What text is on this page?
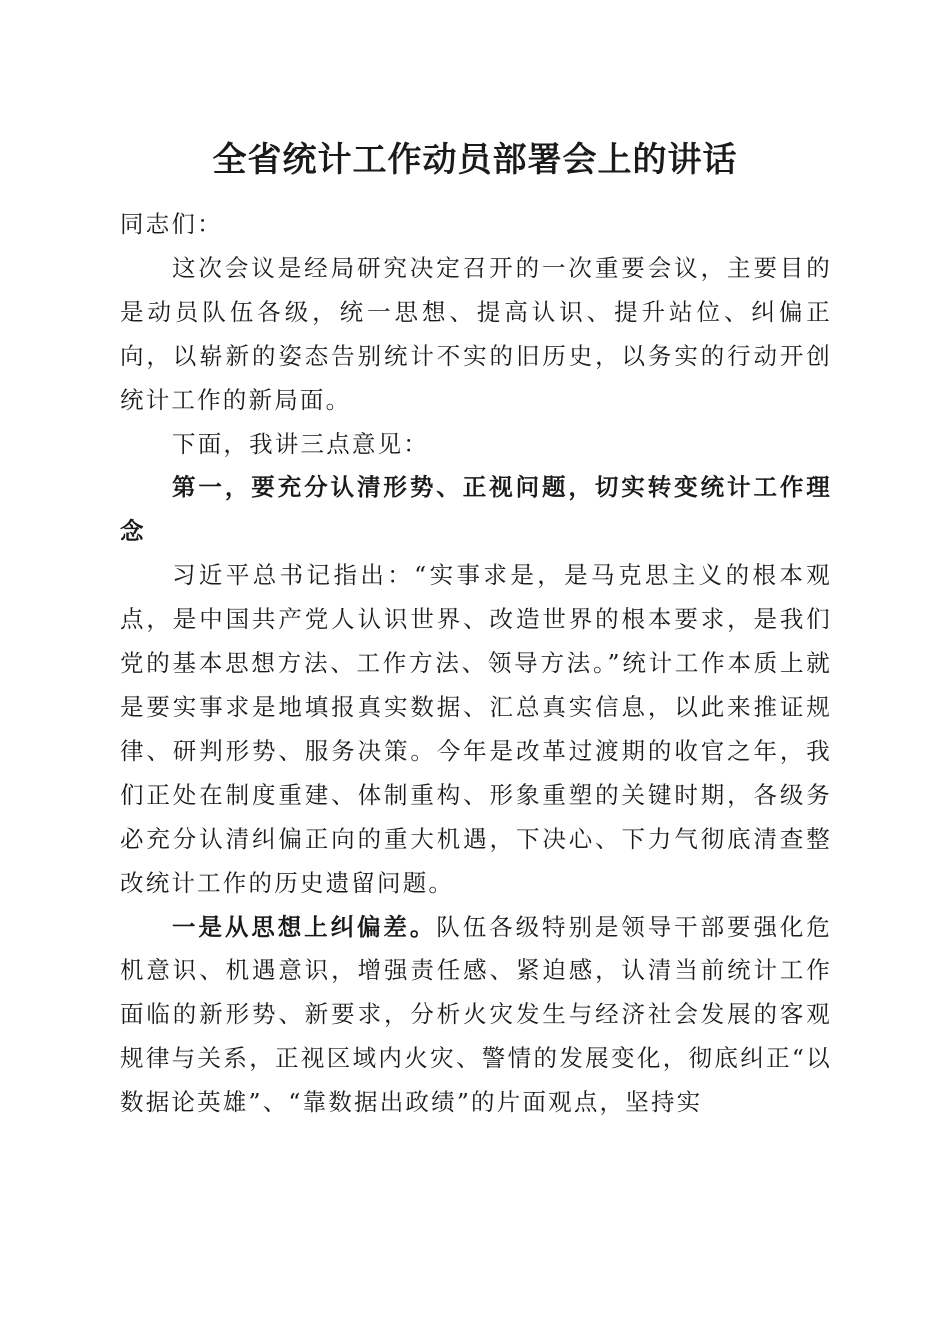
全省统计工作动员部署会上的讲话

同志们：

这次会议是经局研究决定召开的一次重要会议，主要目的是动员队伍各级，统一思想、提高认识、提升站位、纠偏正向，以崭新的姿态告别统计不实的旧历史，以务实的行动开创统计工作的新局面。

下面，我讲三点意见：

第一，要充分认清形势、正视问题，切实转变统计工作理念

习近平总书记指出：“实事求是，是马克思主义的根本观点，是中国共产党人认识世界、改造世界的根本要求，是我们党的基本思想方法、工作方法、领导方法。”统计工作本质上就是要实事求是地填报真实数据、汇总真实信息，以此来推证规律、研判形势、服务决策。今年是改革过渡期的收官之年，我们正处在制度重建、体制重构、形象重塑的关键时期，各级务必充分认清纠偏正向的重大机遇，下决心、下力气彻底清查整改统计工作的历史遗留问题。

一是从思想上纠偏差。队伍各级特别是领导干部要强化危机意识、机遇意识，增强责任感、紧迫感，认清当前统计工作面临的新形势、新要求，分析火灾发生与经济社会发展的客观规律与关系，正视区域内火灾、警情的发展变化，彻底纠正“以数据论英雄”、“靠数据出政绩”的片面观点，坚持实
